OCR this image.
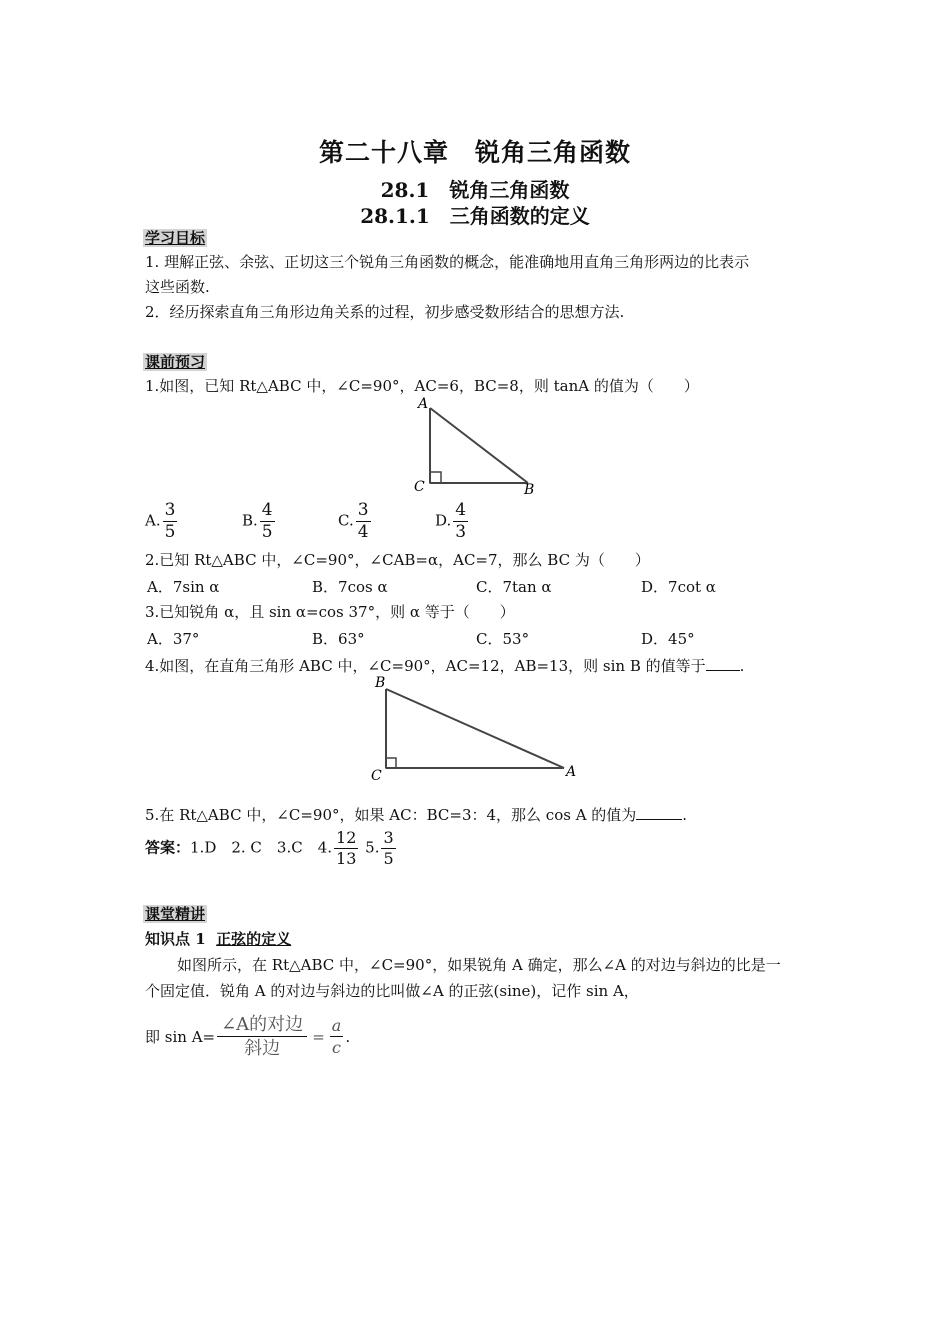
第二十八章　锐角三角函数
28.1　锐角三角函数
28.1.1　三角函数的定义
学习目标
1. 理解正弦、余弦、正切这三个锐角三角函数的概念，能准确地用直角三角形两边的比表示
这些函数.
2．经历探索直角三角形边角关系的过程，初步感受数形结合的思想方法.
课前预习
1.如图，已知 Rt△ABC 中，∠C=90°，AC=6，BC=8，则 tanA 的值为（　　）
A
C	B
A. $\frac{3}{5}$	B. $\frac{4}{5}$	C. $\frac{3}{4}$	D. $\frac{4}{3}$
2.已知 Rt△ABC 中，∠C=90°，∠CAB=α，AC=7，那么 BC 为（　　）
A．7sin α	B．7cos α	C．7tan α	D．7cot α
3.已知锐角 α，且 sin α=cos 37°，则 α 等于（　　）
A．37°	B．63°	C．53°	D．45°
4.如图，在直角三角形 ABC 中，∠C=90°，AC=12，AB=13，则 sin B 的值等于 .
B
C	A
5.在 Rt△ABC 中，∠C=90°，如果 AC：BC=3：4，那么 cos A 的值为	.
答案：1.D　2. C　3.C　4. $\frac{12}{13} 5$. $\frac{3}{5}$
课堂精讲
知识点 1 正弦的定义
如图所示，在 Rt△ABC 中，∠C=90°，如果锐角 A 确定，那么∠A 的对边与斜边的比是一
个固定值．锐角 A 的对边与斜边的比叫做∠A 的正弦(sine)，记作 sin A，
即 $\sin A= \frac{\text{∠A的对边}}{\text{斜边}} = \frac{a}{c}$ .
